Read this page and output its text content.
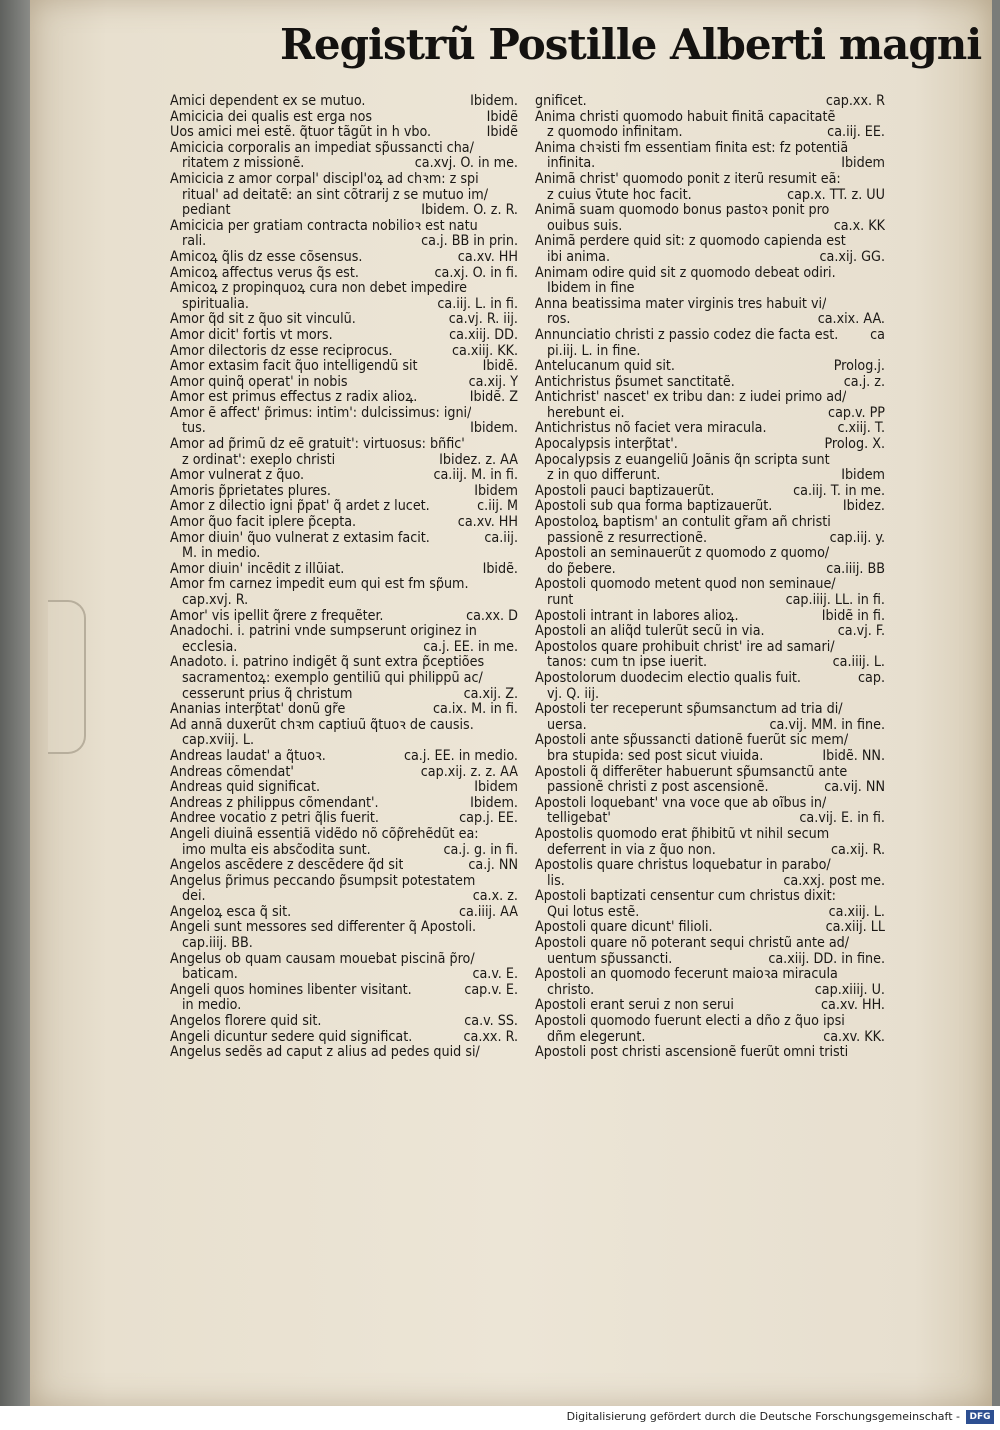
Registrũ Postille Alberti magni
Amici dependent ex se mutuo.	Ibidem.
Amicicia dei qualis est erga nos	Ibidẽ
Uos amici mei estẽ. q̃tuor tãgũt in h vbo.	Ibidẽ
Amicicia corporalis an impediat sp̃ussancti cha/
ritatem z missionẽ.	ca.xvj. O. in me.
Amicicia z amor corpal' discipl'oꝝ ad chꝛm: z spi
ritual' ad deitatẽ: an sint cõtrarij z se mutuo im/
pediant	Ibidem. O. z. R.
Amicicia per gratiam contracta nobilioꝛ est natu
rali.	ca.j. BB in prin.
Amicoꝝ q̃lis dz esse cõsensus.	ca.xv. HH
Amicoꝝ affectus verus q̃s est.	ca.xj. O. in fi.
Amicoꝝ z propinquoꝝ cura non debet impedire
spiritualia.	ca.iij. L. in fi.
Amor q̃d sit z q̃uo sit vinculũ.	ca.vj. R. iij.
Amor dicit' fortis vt mors.	ca.xiij. DD.
Amor dilectoris dz esse reciprocus.	ca.xiij. KK.
Amor extasim facit q̃uo intelligendũ sit	Ibidẽ.
Amor quinq̃ operat' in nobis	ca.xij. Y
Amor est primus effectus z radix alioꝝ.	Ibidẽ. Z
Amor ẽ affect' p̃rimus: intim': dulcissimus: igni/
tus.	Ibidem.
Amor ad p̃rimũ dz eẽ gratuit': virtuosus: bñfic'
z ordinat': exeplo christi	Ibidez. z. AA
Amor vulnerat z q̃uo.	ca.iij. M. in fi.
Amoris p̃prietates plures.	Ibidem
Amor z dilectio igni p̃pat' q̃ ardet z lucet.	c.iij. M
Amor q̃uo facit iplere p̃cepta.	ca.xv. HH
Amor diuin' q̃uo vulnerat z extasim facit.	ca.iij.
M. in medio.
Amor diuin' incẽdit z illũiat.	Ibidẽ.
Amor fm carnez impedit eum qui est fm sp̃um.
cap.xvj. R.
Amor' vis ipellit q̃rere z frequẽter.	ca.xx. D
Anadochi. i. patrini vnde sumpserunt originez in
ecclesia.	ca.j. EE. in me.
Anadoto. i. patrino indigẽt q̃ sunt extra p̃ceptiões
sacramentoꝝ: exemplo gentiliũ qui philippũ ac/
cesserunt prius q̃ christum	ca.xij. Z.
Ananias interp̃tat' donũ gr̃e	ca.ix. M. in fi.
Ad annã duxerũt chꝛm captiuũ q̃tuoꝛ de causis.
cap.xviij. L.
Andreas laudat' a q̃tuoꝛ.	ca.j. EE. in medio.
Andreas cõmendat'	cap.xij. z. z. AA
Andreas quid significat.	Ibidem
Andreas z philippus cõmendant'.	Ibidem.
Andree vocatio z petri q̃lis fuerit.	cap.j. EE.
Angeli diuinã essentiã vidẽdo nõ cõp̃rehẽdũt ea:
imo multa eis absc̃odita sunt.	ca.j. g. in fi.
Angelos ascẽdere z descẽdere q̃d sit	ca.j. NN
Angelus p̃rimus peccando p̃sumpsit potestatem
dei.	ca.x. z.
Angeloꝝ esca q̃ sit.	ca.iiij. AA
Angeli sunt messores sed differenter q̃ Apostoli.
cap.iiij. BB.
Angelus ob quam causam mouebat piscinã p̃ro/
baticam.	ca.v. E.
Angeli quos homines libenter visitant.	cap.v. E.
in medio.
Angelos florere quid sit.	ca.v. SS.
Angeli dicuntur sedere quid significat.	ca.xx. R.
Angelus sedẽs ad caput z alius ad pedes quid si/
gnificet.	cap.xx. R
Anima christi quomodo habuit finitã capacitatẽ
z quomodo infinitam.	ca.iij. EE.
Anima chꝛisti fm essentiam finita est: fz potentiã
infinita.	Ibidem
Animã christ' quomodo ponit z iterũ resumit eã:
z cuius v̄tute hoc facit.	cap.x. TT. z. UU
Animã suam quomodo bonus pastoꝛ ponit pro
ouibus suis.	ca.x. KK
Animã perdere quid sit: z quomodo capienda est
ibi anima.	ca.xij. GG.
Animam odire quid sit z quomodo debeat odiri.
Ibidem in fine
Anna beatissima mater virginis tres habuit vi/
ros.	ca.xix. AA.
Annunciatio christi z passio codez die facta est.	ca
pi.iij. L. in fine.
Antelucanum quid sit.	Prolog.j.
Antichristus p̃sumet sanctitatẽ.	ca.j. z.
Antichrist' nascet' ex tribu dan: z iudei primo ad/
herebunt ei.	cap.v. PP
Antichristus nõ faciet vera miracula.	c.xiij. T.
Apocalypsis interp̃tat'.	Prolog. X.
Apocalypsis z euangeliũ Joãnis q̃n scripta sunt
z in quo differunt.	Ibidem
Apostoli pauci baptizauerũt.	ca.iij. T. in me.
Apostoli sub qua forma baptizauerũt.	Ibidez.
Apostoloꝝ baptism' an contulit gr̃am añ christi
passionẽ z resurrectionẽ.	cap.iij. y.
Apostoli an seminauerũt z quomodo z quomo/
do p̃ebere.	ca.iiij. BB
Apostoli quomodo metent quod non seminaue/
runt	cap.iiij. LL. in fi.
Apostoli intrant in labores alioꝝ.	Ibidẽ in fi.
Apostoli an aliq̃d tulerũt secũ in via.	ca.vj. F.
Apostolos quare prohibuit christ' ire ad samari/
tanos: cum t̃n ipse iuerit.	ca.iiij. L.
Apostolorum duodecim electio qualis fuit.	cap.
vj. Q. iij.
Apostoli ter receperunt sp̃umsanctum ad tria di/
uersa.	ca.vij. MM. in fine.
Apostoli ante sp̃ussancti dationẽ fuerũt sic mem/
bra stupida: sed post sicut viuida.	Ibidẽ. NN.
Apostoli q̃ differẽter habuerunt sp̃umsanctũ ante
passionẽ christi z post ascensionẽ.	ca.vij. NN
Apostoli loquebant' vna voce que ab oĩbus in/
telligebat'	ca.vij. E. in fi.
Apostolis quomodo erat p̃hibitũ vt nihil secum
deferrent in via z q̃uo non.	ca.xij. R.
Apostolis quare christus loquebatur in parabo/
lis.	ca.xxj. post me.
Apostoli baptizati censentur cum christus dixit:
Qui lotus estẽ.	ca.xiij. L.
Apostoli quare dicunt' filioli.	ca.xiij. LL
Apostoli quare nõ poterant sequi christũ ante ad/
uentum sp̃ussancti.	ca.xiij. DD. in fine.
Apostoli an quomodo fecerunt maioꝛa miracula
christo.	cap.xiiij. U.
Apostoli erant serui z non serui	ca.xv. HH.
Apostoli quomodo fuerunt electi a dño z q̃uo ipsi
dñm elegerunt.	ca.xv. KK.
Apostoli post christi ascensionẽ fuerũt omni tristi
Digitalisierung gefördert durch die Deutsche Forschungsgemeinschaft -	DFG
